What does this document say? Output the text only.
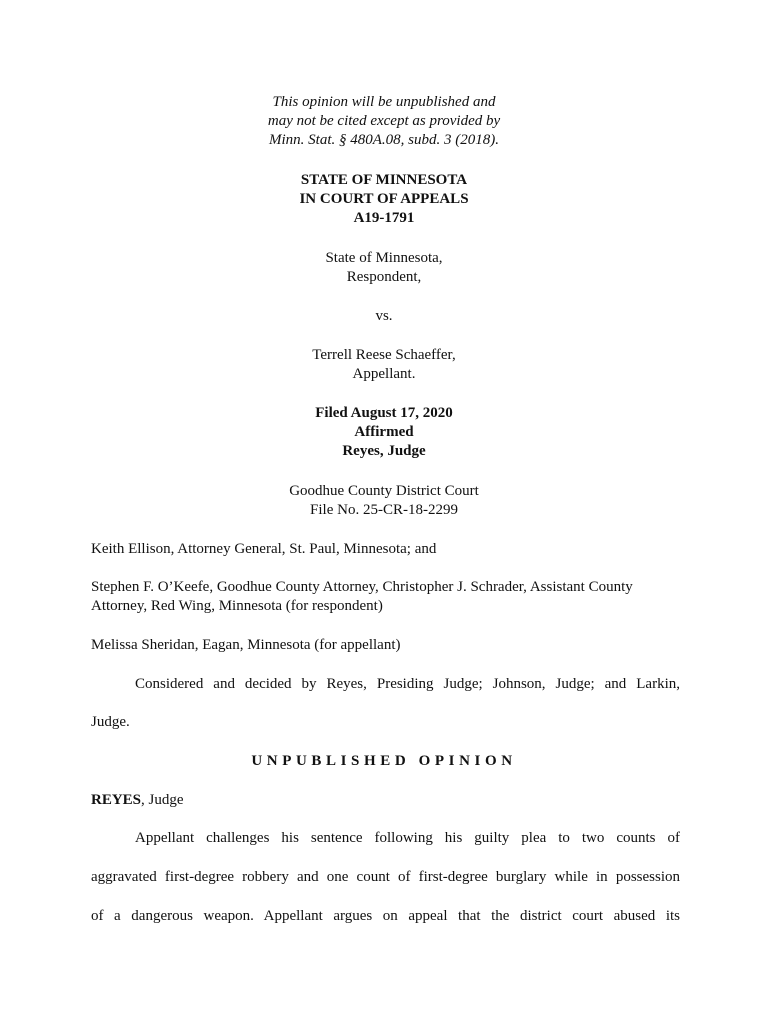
This opinion will be unpublished and
may not be cited except as provided by
Minn. Stat. § 480A.08, subd. 3 (2018).
STATE OF MINNESOTA
IN COURT OF APPEALS
A19-1791
State of Minnesota,
Respondent,
vs.
Terrell Reese Schaeffer,
Appellant.
Filed August 17, 2020
Affirmed
Reyes, Judge
Goodhue County District Court
File No. 25-CR-18-2299
Keith Ellison, Attorney General, St. Paul, Minnesota; and
Stephen F. O’Keefe, Goodhue County Attorney, Christopher J. Schrader, Assistant County
Attorney, Red Wing, Minnesota (for respondent)
Melissa Sheridan, Eagan, Minnesota (for appellant)
Considered and decided by Reyes, Presiding Judge; Johnson, Judge; and Larkin,
Judge.
UNPUBLISHED OPINION
REYES, Judge
Appellant challenges his sentence following his guilty plea to two counts of
aggravated first-degree robbery and one count of first-degree burglary while in possession
of a dangerous weapon. Appellant argues on appeal that the district court abused its
